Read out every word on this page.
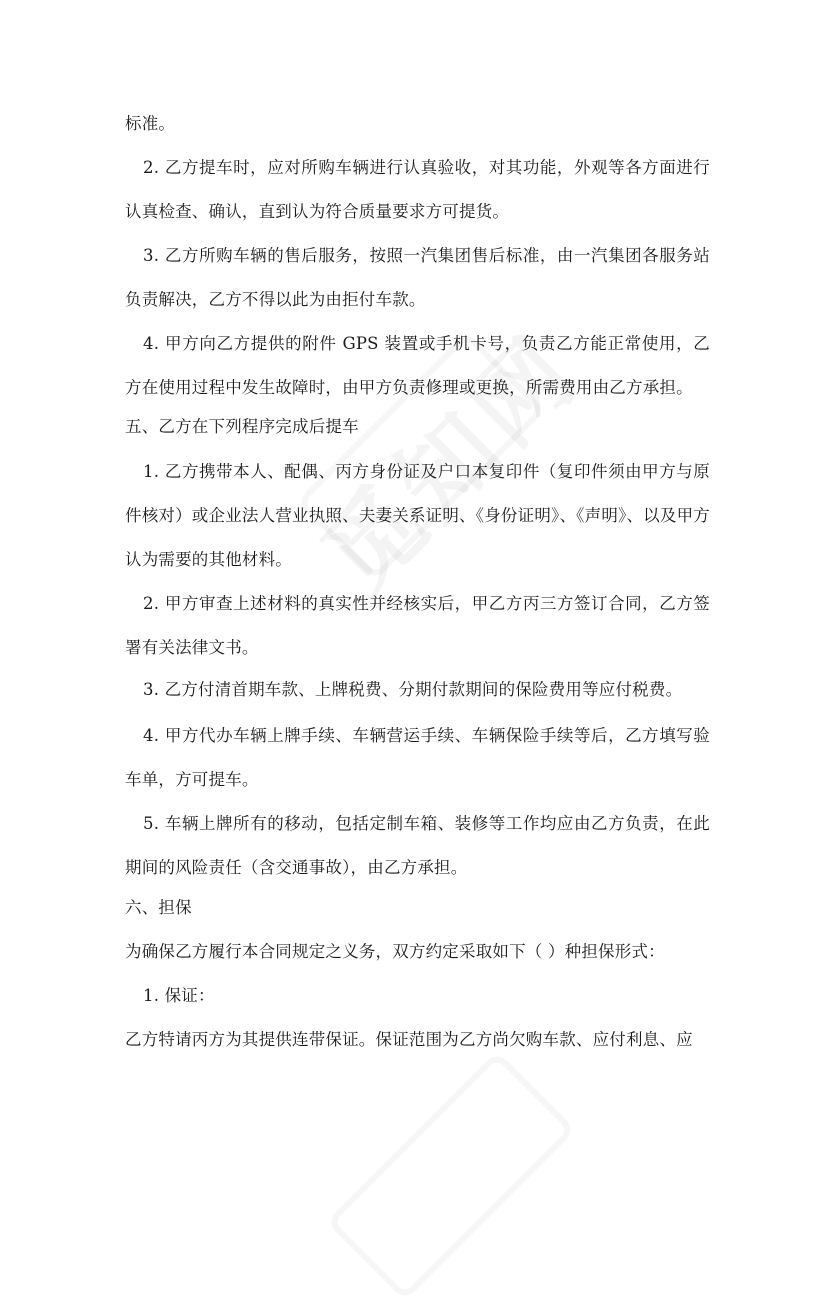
标准。

2. 乙方提车时，应对所购车辆进行认真验收，对其功能，外观等各方面进行认真检查、确认，直到认为符合质量要求方可提货。

3. 乙方所购车辆的售后服务，按照一汽集团售后标准，由一汽集团各服务站负责解决，乙方不得以此为由拒付车款。

4. 甲方向乙方提供的附件 GPS 装置或手机卡号，负责乙方能正常使用，乙方在使用过程中发生故障时，由甲方负责修理或更换，所需费用由乙方承担。

五、乙方在下列程序完成后提车

1. 乙方携带本人、配偶、丙方身份证及户口本复印件（复印件须由甲方与原件核对）或企业法人营业执照、夫妻关系证明、《身份证明》、《声明》、以及甲方认为需要的其他材料。

2. 甲方审查上述材料的真实性并经核实后，甲乙方丙三方签订合同，乙方签署有关法律文书。

3. 乙方付清首期车款、上牌税费、分期付款期间的保险费用等应付税费。

4. 甲方代办车辆上牌手续、车辆营运手续、车辆保险手续等后，乙方填写验车单，方可提车。

5. 车辆上牌所有的移动，包括定制车箱、装修等工作均应由乙方负责，在此期间的风险责任（含交通事故），由乙方承担。

六、担保

为确保乙方履行本合同规定之义务，双方约定采取如下（ ）种担保形式：

1. 保证：

乙方特请丙方为其提供连带保证。保证范围为乙方尚欠购车款、应付利息、应
